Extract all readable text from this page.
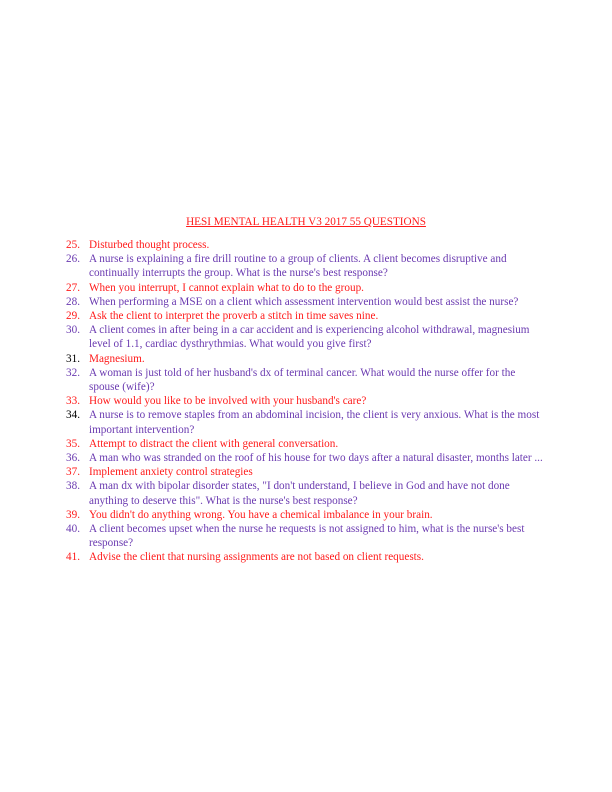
HESI MENTAL HEALTH V3 2017 55 QUESTIONS
25. Disturbed thought process.
26. A nurse is explaining a fire drill routine to a group of clients. A client becomes disruptive and continually interrupts the group. What is the nurse's best response?
27. When you interrupt, I cannot explain what to do to the group.
28. When performing a MSE on a client which assessment intervention would best assist the nurse?
29. Ask the client to interpret the proverb a stitch in time saves nine.
30. A client comes in after being in a car accident and is experiencing alcohol withdrawal, magnesium level of 1.1, cardiac dysthrythmias. What would you give first?
31. Magnesium.
32. A woman is just told of her husband's dx of terminal cancer. What would the nurse offer for the spouse (wife)?
33. How would you like to be involved with your husband's care?
34. A nurse is to remove staples from an abdominal incision, the client is very anxious. What is the most important intervention?
35. Attempt to distract the client with general conversation.
36. A man who was stranded on the roof of his house for two days after a natural disaster, months later ...
37. Implement anxiety control strategies
38. A man dx with bipolar disorder states, "I don't understand, I believe in God and have not done anything to deserve this". What is the nurse's best response?
39. You didn't do anything wrong. You have a chemical imbalance in your brain.
40. A client becomes upset when the nurse he requests is not assigned to him, what is the nurse's best response?
41. Advise the client that nursing assignments are not based on client requests.
